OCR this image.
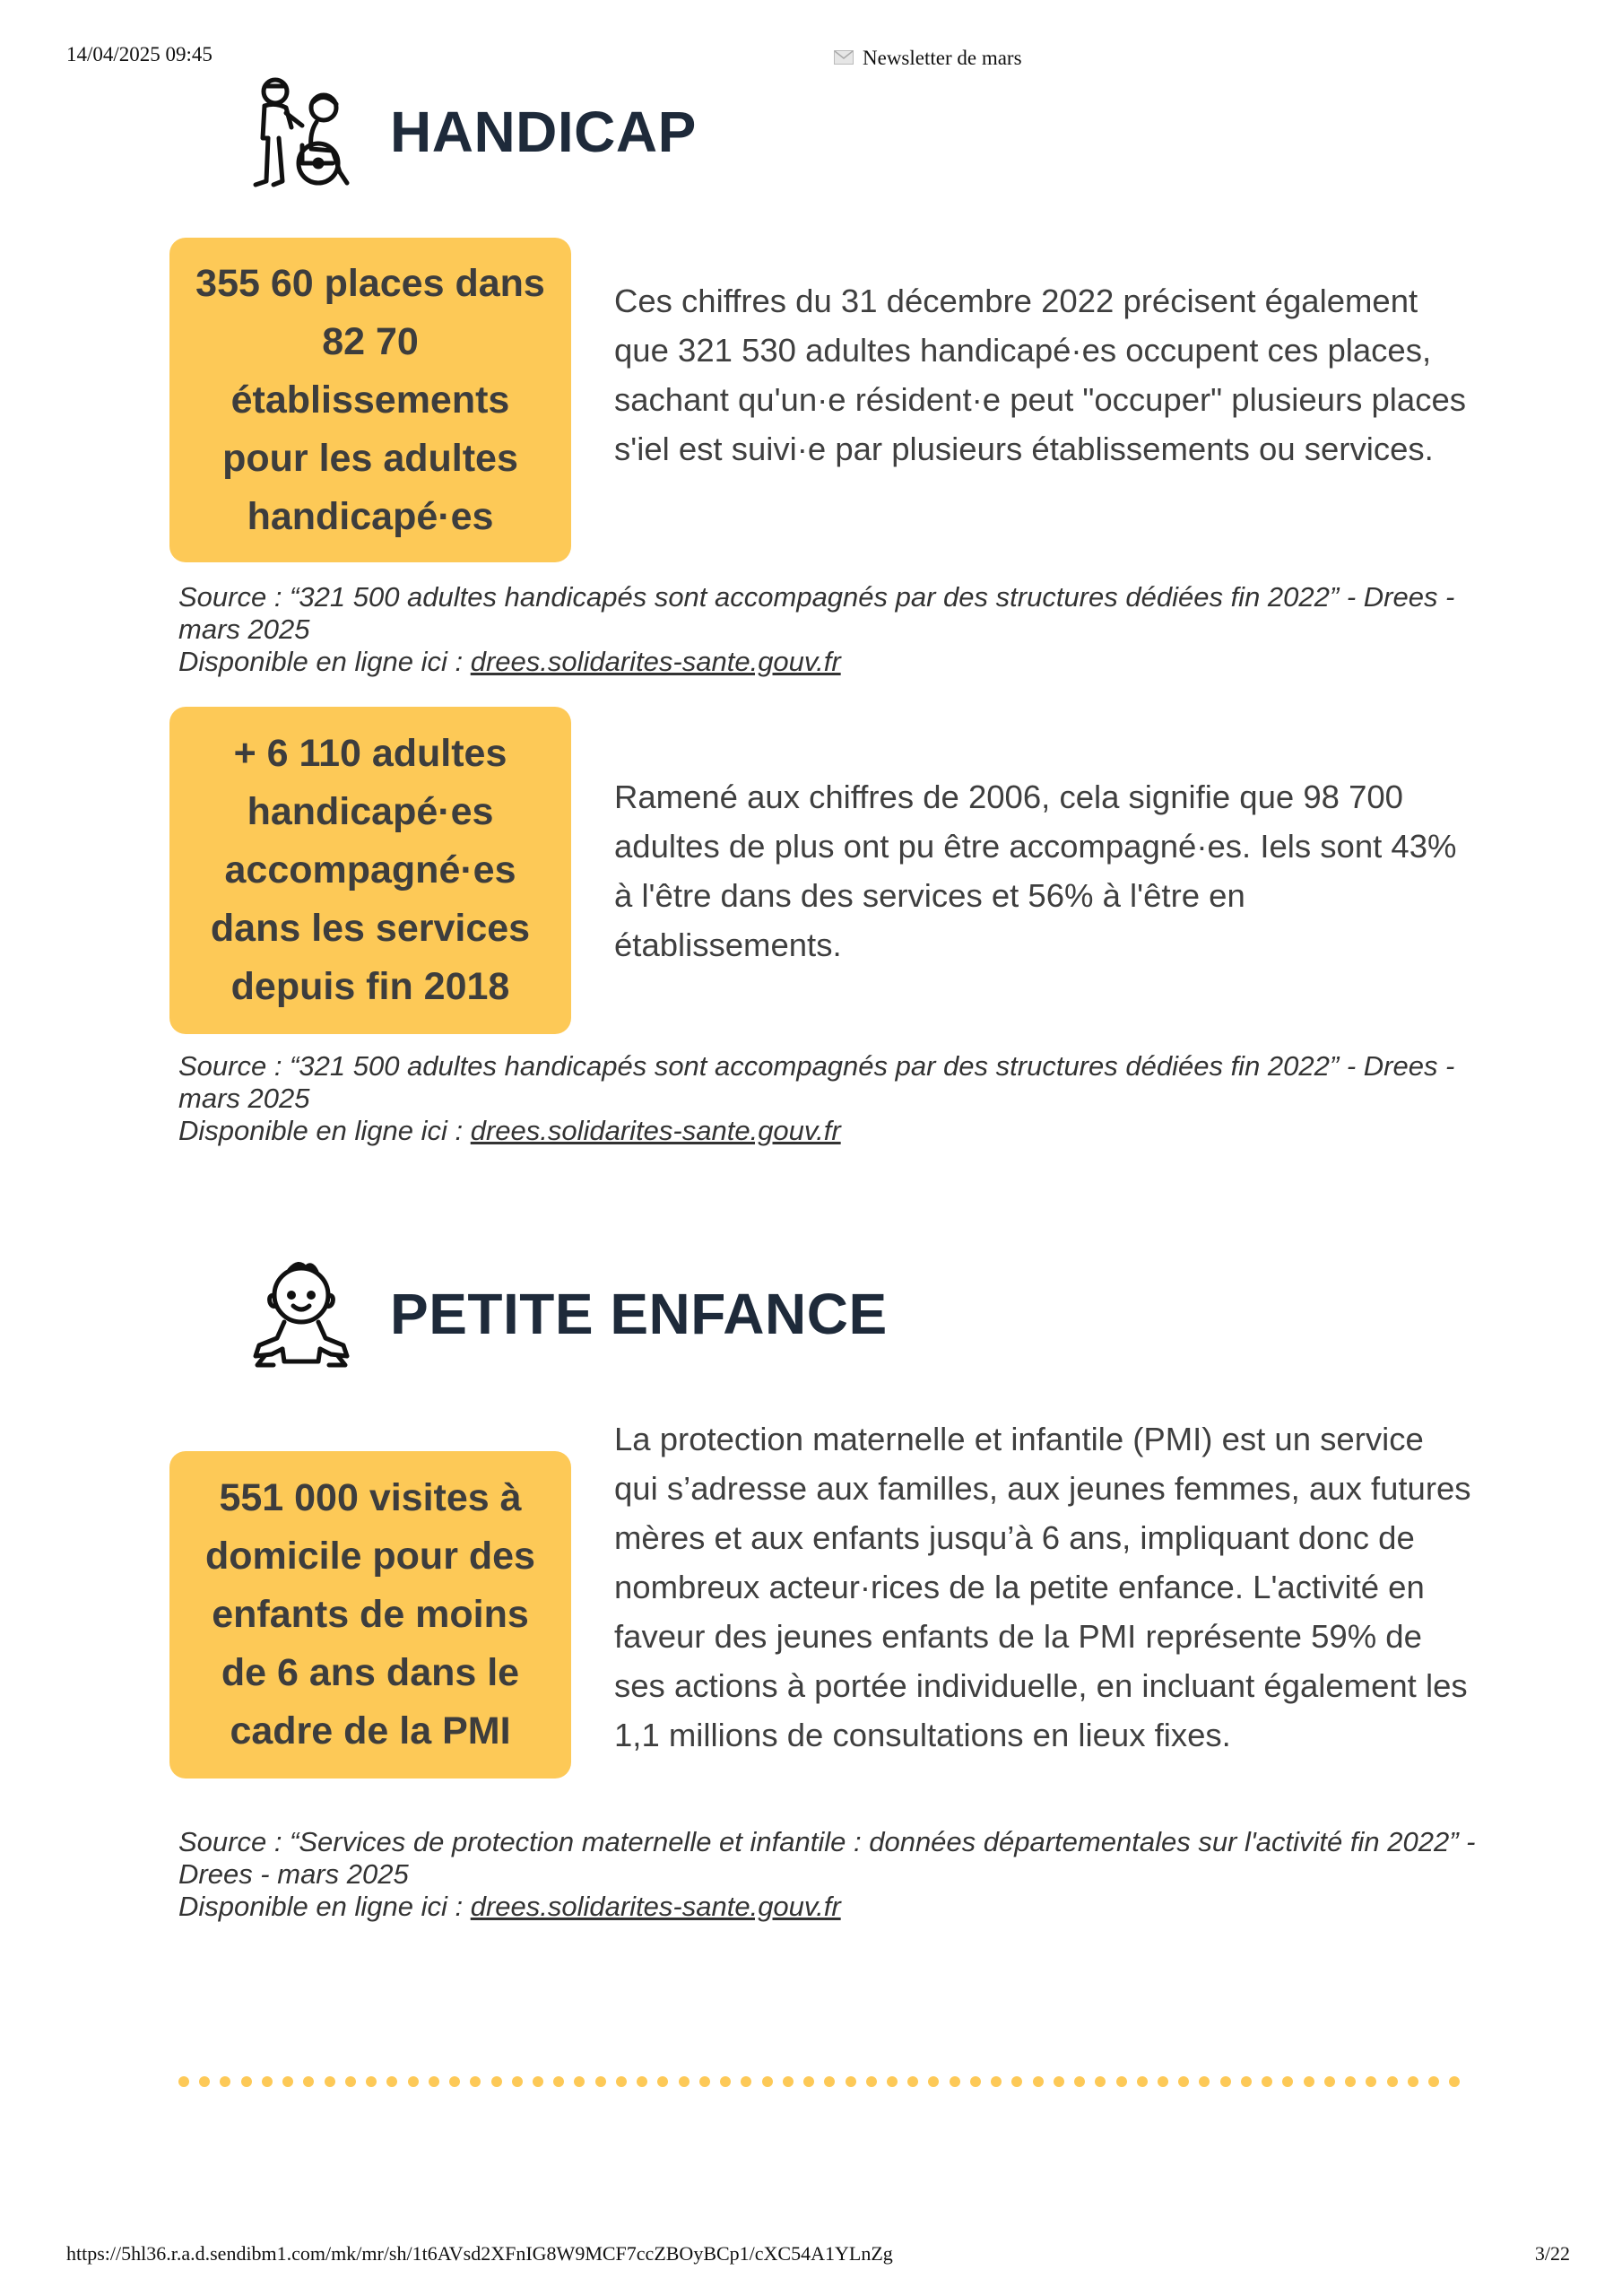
14/04/2025 09:45	Newsletter de mars
HANDICAP
355 60 places dans 82 70 établissements pour les adultes handicapé·es
Ces chiffres du 31 décembre 2022 précisent également que 321 530 adultes handicapé·es occupent ces places, sachant qu'un·e résident·e peut "occuper" plusieurs places s'iel est suivi·e par plusieurs établissements ou services.
Source : “321 500 adultes handicapés sont accompagnés par des structures dédiées fin 2022” - Drees - mars 2025
Disponible en ligne ici : drees.solidarites-sante.gouv.fr
+ 6 110 adultes handicapé·es accompagné·es dans les services depuis fin 2018
Ramené aux chiffres de 2006, cela signifie que 98 700 adultes de plus ont pu être accompagné·es. Iels sont 43% à l'être dans des services et 56% à l'être en établissements.
Source : “321 500 adultes handicapés sont accompagnés par des structures dédiées fin 2022” - Drees - mars 2025
Disponible en ligne ici : drees.solidarites-sante.gouv.fr
PETITE ENFANCE
551 000 visites à domicile pour des enfants de moins de 6 ans dans le cadre de la PMI
La protection maternelle et infantile (PMI) est un service qui s’adresse aux familles, aux jeunes femmes, aux futures mères et aux enfants jusqu’à 6 ans, impliquant donc de nombreux acteur·rices de la petite enfance. L'activité en faveur des jeunes enfants de la PMI représente 59% de ses actions à portée individuelle, en incluant également les 1,1 millions de consultations en lieux fixes.
Source : “Services de protection maternelle et infantile : données départementales sur l'activité fin 2022” - Drees - mars 2025
Disponible en ligne ici : drees.solidarites-sante.gouv.fr
https://5hl36.r.a.d.sendibm1.com/mk/mr/sh/1t6AVsd2XFnIG8W9MCF7ccZBOyBCp1/cXC54A1YLnZg	3/22
